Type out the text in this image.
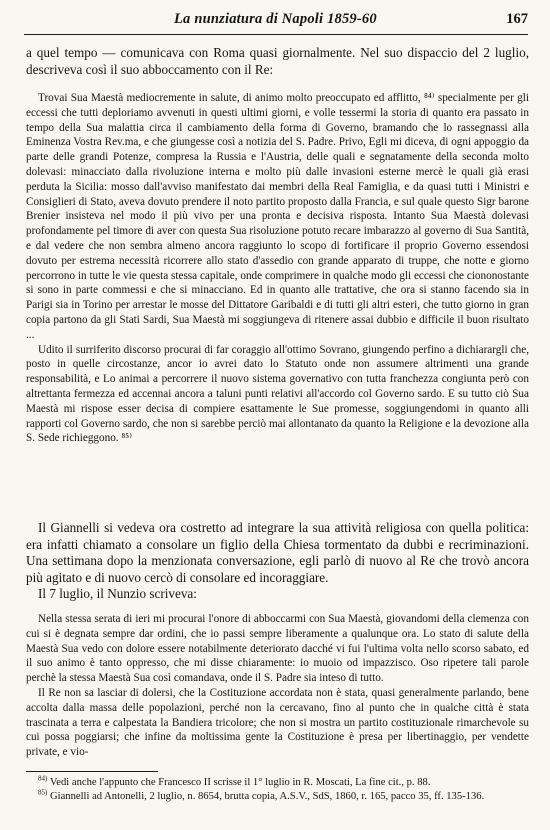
La nunziatura di Napoli 1859-60	167

a quel tempo — comunicava con Roma quasi giornalmente. Nel suo dispaccio del 2 luglio, descriveva così il suo abboccamento con il Re:

Trovai Sua Maestà mediocremente in salute, di animo molto preoccupato ed afflitto, ⁸⁴⁾ specialmente per gli eccessi che tutti deploriamo avvenuti in questi ultimi giorni, e volle tessermi la storia di quanto era passato in tempo della Sua malattia circa il cambiamento della forma di Governo, bramando che lo rassegnassi alla Eminenza Vostra Rev.ma, e che giungesse così a notizia del S. Padre. Privo, Egli mi diceva, di ogni appoggio da parte delle grandi Potenze, compresa la Russia e l'Austria, delle quali e segnatamente della seconda molto dolevasi: minacciato dalla rivoluzione interna e molto più dalle invasioni esterne mercè le quali già erasi perduta la Sicilia: mosso dall'avviso manifestato dai membri della Real Famiglia, e da quasi tutti i Ministri e Consiglieri di Stato, aveva dovuto prendere il noto partito proposto dalla Francia, e sul quale questo Sigr barone Brenier insisteva nel modo il più vivo per una pronta e decisiva risposta. Intanto Sua Maestà dolevasi profondamente pel timore di aver con questa Sua risoluzione potuto recare imbarazzo al governo di Sua Santità, e dal vedere che non sembra almeno ancora raggiunto lo scopo di fortificare il proprio Governo essendosi dovuto per estrema necessità ricorrere allo stato d'assedio con grande apparato di truppe, che notte e giorno percorrono in tutte le vie questa stessa capitale, onde comprimere in qualche modo gli eccessi che ciononostante si sono in parte commessi e che si minacciano. Ed in quanto alle trattative, che ora si stanno facendo sia in Parigi sia in Torino per arrestar le mosse del Dittatore Garibaldi e di tutti gli altri esteri, che tutto giorno in gran copia partono da gli Stati Sardi, Sua Maestà mi soggiungeva di ritenere assai dubbio e difficile il buon risultato ...

Udito il surriferito discorso procurai di far coraggio all'ottimo Sovrano, giungendo perfino a dichiarargli che, posto in quelle circostanze, ancor io avrei dato lo Statuto onde non assumere altrimenti una grande responsabilità, e Lo animai a percorrere il nuovo sistema governativo con tutta franchezza congiunta però con altrettanta fermezza ed accennai ancora a taluni punti relativi all'accordo col Governo sardo. E su tutto ciò Sua Maestà mi rispose esser decisa di compiere esattamente le Sue promesse, soggiungendomi in quanto alli rapporti col Governo sardo, che non si sarebbe perciò mai allontanato da quanto la Religione e la devozione alla S. Sede richieggono. ⁸⁵⁾

Il Giannelli si vedeva ora costretto ad integrare la sua attività religiosa con quella politica: era infatti chiamato a consolare un figlio della Chiesa tormentato da dubbi e recriminazioni. Una settimana dopo la menzionata conversazione, egli parlò di nuovo al Re che trovò ancora più agitato e di nuovo cercò di consolare ed incoraggiare.

Il 7 luglio, il Nunzio scriveva:

Nella stessa serata di ieri mi procurai l'onore di abboccarmi con Sua Maestà, giovandomi della clemenza con cui si è degnata sempre dar ordini, che io passi sempre liberamente a qualunque ora. Lo stato di salute della Maestà Sua vedo con dolore essere notabilmente deteriorato dacché vi fui l'ultima volta nello scorso sabato, ed il suo animo è tanto oppresso, che mi disse chiaramente: io muoio od impazzisco. Oso ripetere tali parole perchè la stessa Maestà Sua così comandava, onde il S. Padre sia inteso di tutto.

Il Re non sa lasciar di dolersi, che la Costituzione accordata non è stata, quasi generalmente parlando, bene accolta dalla massa delle popolazioni, perché non la cercavano, fino al punto che in qualche città è stata trascinata a terra e calpestata la Bandiera tricolore; che non si mostra un partito costituzionale rimarchevole su cui possa poggiarsi; che infine da moltissima gente la Costituzione è presa per libertinaggio, per vendette private, e vio-

$^{84)}$ Vedi anche l'appunto che Francesco II scrisse il 1° luglio in R. Moscati, La fine cit., p. 88.

$^{85)}$ Giannelli ad Antonelli, 2 luglio, n. 8654, brutta copia, A.S.V., SdS, 1860, r. 165, pacco 35, ff. 135-136.
